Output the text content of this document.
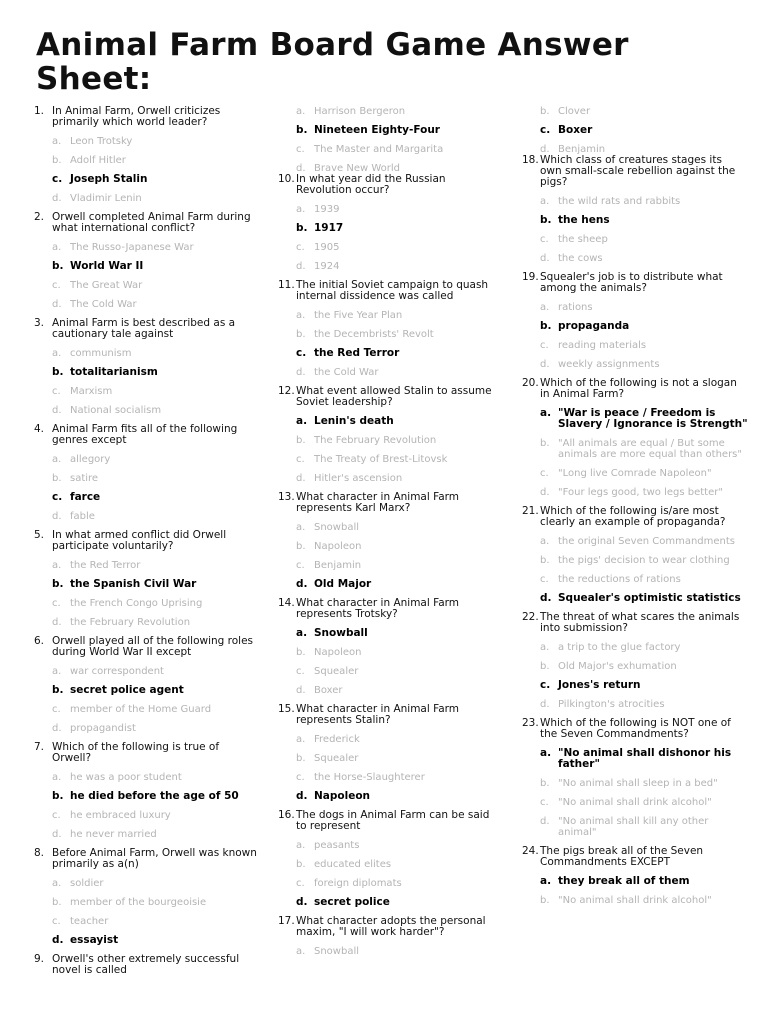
Animal Farm Board Game Answer Sheet:
1. In Animal Farm, Orwell criticizes primarily which world leader?
a. Leon Trotsky
b. Adolf Hitler
c. Joseph Stalin
d. Vladimir Lenin
2. Orwell completed Animal Farm during what international conflict?
a. The Russo-Japanese War
b. World War II
c. The Great War
d. The Cold War
3. Animal Farm is best described as a cautionary tale against
a. communism
b. totalitarianism
c. Marxism
d. National socialism
4. Animal Farm fits all of the following genres except
a. allegory
b. satire
c. farce
d. fable
5. In what armed conflict did Orwell participate voluntarily?
a. the Red Terror
b. the Spanish Civil War
c. the French Congo Uprising
d. the February Revolution
6. Orwell played all of the following roles during World War II except
a. war correspondent
b. secret police agent
c. member of the Home Guard
d. propagandist
7. Which of the following is true of Orwell?
a. he was a poor student
b. he died before the age of 50
c. he embraced luxury
d. he never married
8. Before Animal Farm, Orwell was known primarily as a(n)
a. soldier
b. member of the bourgeoisie
c. teacher
d. essayist
9. Orwell's other extremely successful novel is called
a. Harrison Bergeron
b. Nineteen Eighty-Four
c. The Master and Margarita
d. Brave New World
10. In what year did the Russian Revolution occur?
a. 1939
b. 1917
c. 1905
d. 1924
11. The initial Soviet campaign to quash internal dissidence was called
a. the Five Year Plan
b. the Decembrists' Revolt
c. the Red Terror
d. the Cold War
12. What event allowed Stalin to assume Soviet leadership?
a. Lenin's death
b. The February Revolution
c. The Treaty of Brest-Litovsk
d. Hitler's ascension
13. What character in Animal Farm represents Karl Marx?
a. Snowball
b. Napoleon
c. Benjamin
d. Old Major
14. What character in Animal Farm represents Trotsky?
a. Snowball
b. Napoleon
c. Squealer
d. Boxer
15. What character in Animal Farm represents Stalin?
a. Frederick
b. Squealer
c. the Horse-Slaughterer
d. Napoleon
16. The dogs in Animal Farm can be said to represent
a. peasants
b. educated elites
c. foreign diplomats
d. secret police
17. What character adopts the personal maxim, "I will work harder"?
a. Snowball
b. Clover
c. Boxer
d. Benjamin
18. Which class of creatures stages its own small-scale rebellion against the pigs?
a. the wild rats and rabbits
b. the hens
c. the sheep
d. the cows
19. Squealer's job is to distribute what among the animals?
a. rations
b. propaganda
c. reading materials
d. weekly assignments
20. Which of the following is not a slogan in Animal Farm?
a. "War is peace / Freedom is Slavery / Ignorance is Strength"
b. "All animals are equal / But some animals are more equal than others"
c. "Long live Comrade Napoleon"
d. "Four legs good, two legs better"
21. Which of the following is/are most clearly an example of propaganda?
a. the original Seven Commandments
b. the pigs' decision to wear clothing
c. the reductions of rations
d. Squealer's optimistic statistics
22. The threat of what scares the animals into submission?
a. a trip to the glue factory
b. Old Major's exhumation
c. Jones's return
d. Pilkington's atrocities
23. Which of the following is NOT one of the Seven Commandments?
a. "No animal shall dishonor his father"
b. "No animal shall sleep in a bed"
c. "No animal shall drink alcohol"
d. "No animal shall kill any other animal"
24. The pigs break all of the Seven Commandments EXCEPT
a. they break all of them
b. "No animal shall drink alcohol"
